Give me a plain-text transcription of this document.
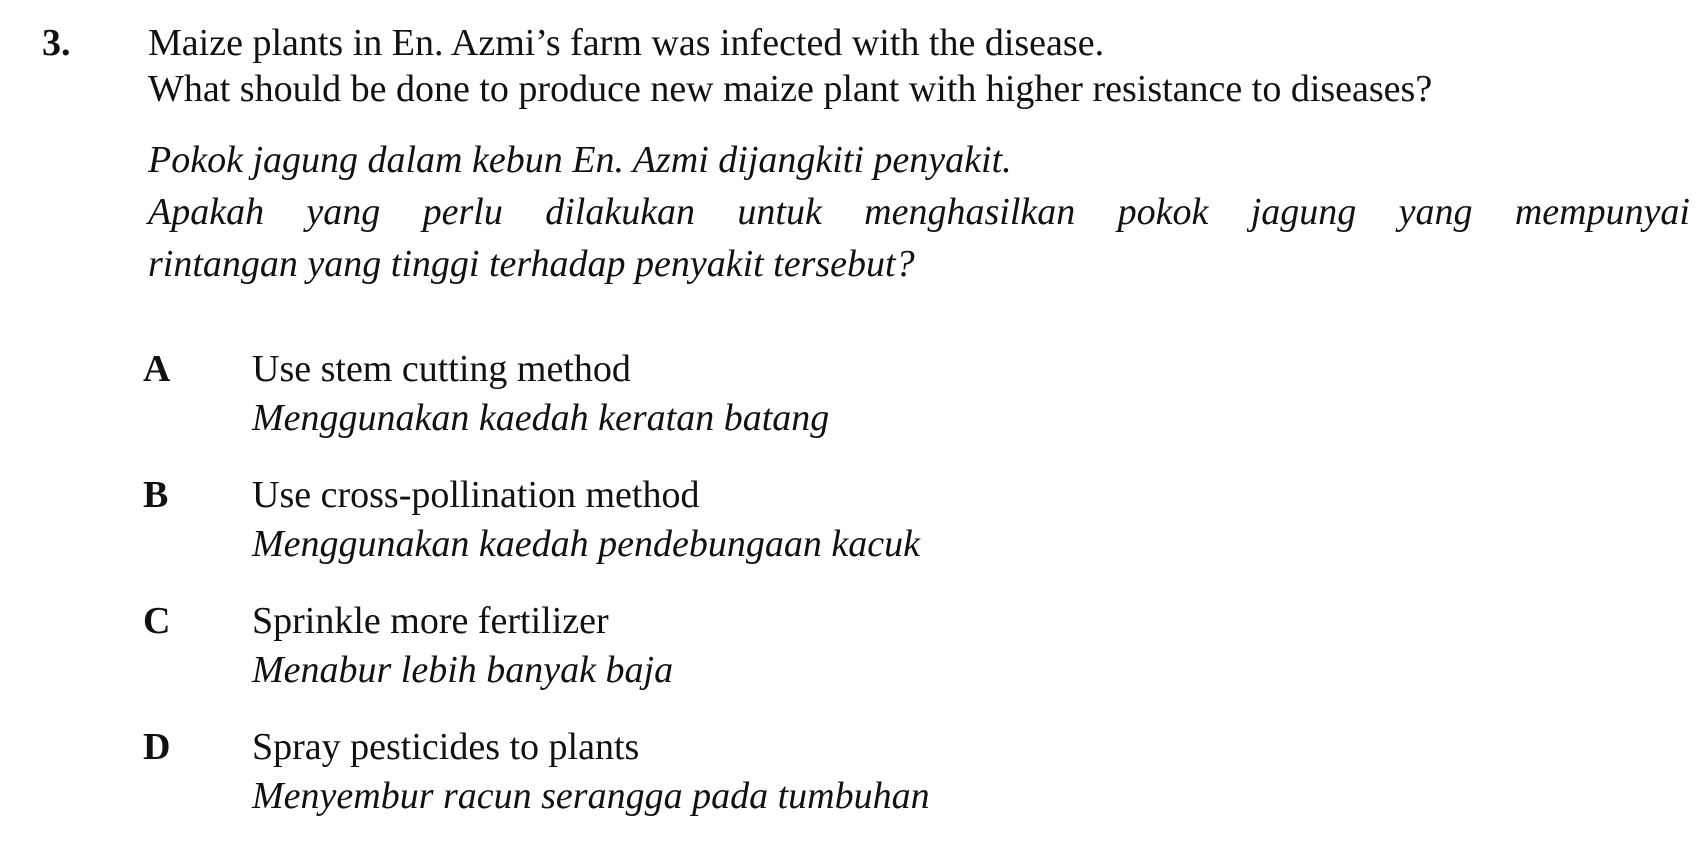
3. Maize plants in En. Azmi’s farm was infected with the disease.
What should be done to produce new maize plant with higher resistance to diseases?
Pokok jagung dalam kebun En. Azmi dijangkiti penyakit.
Apakah yang perlu dilakukan untuk menghasilkan pokok jagung yang mempunyai
rintangan yang tinggi terhadap penyakit tersebut?
A Use stem cutting method
Menggunakan kaedah keratan batang
B Use cross-pollination method
Menggunakan kaedah pendebungaan kacuk
C Sprinkle more fertilizer
Menabur lebih banyak baja
D Spray pesticides to plants
Menyembur racun serangga pada tumbuhan
